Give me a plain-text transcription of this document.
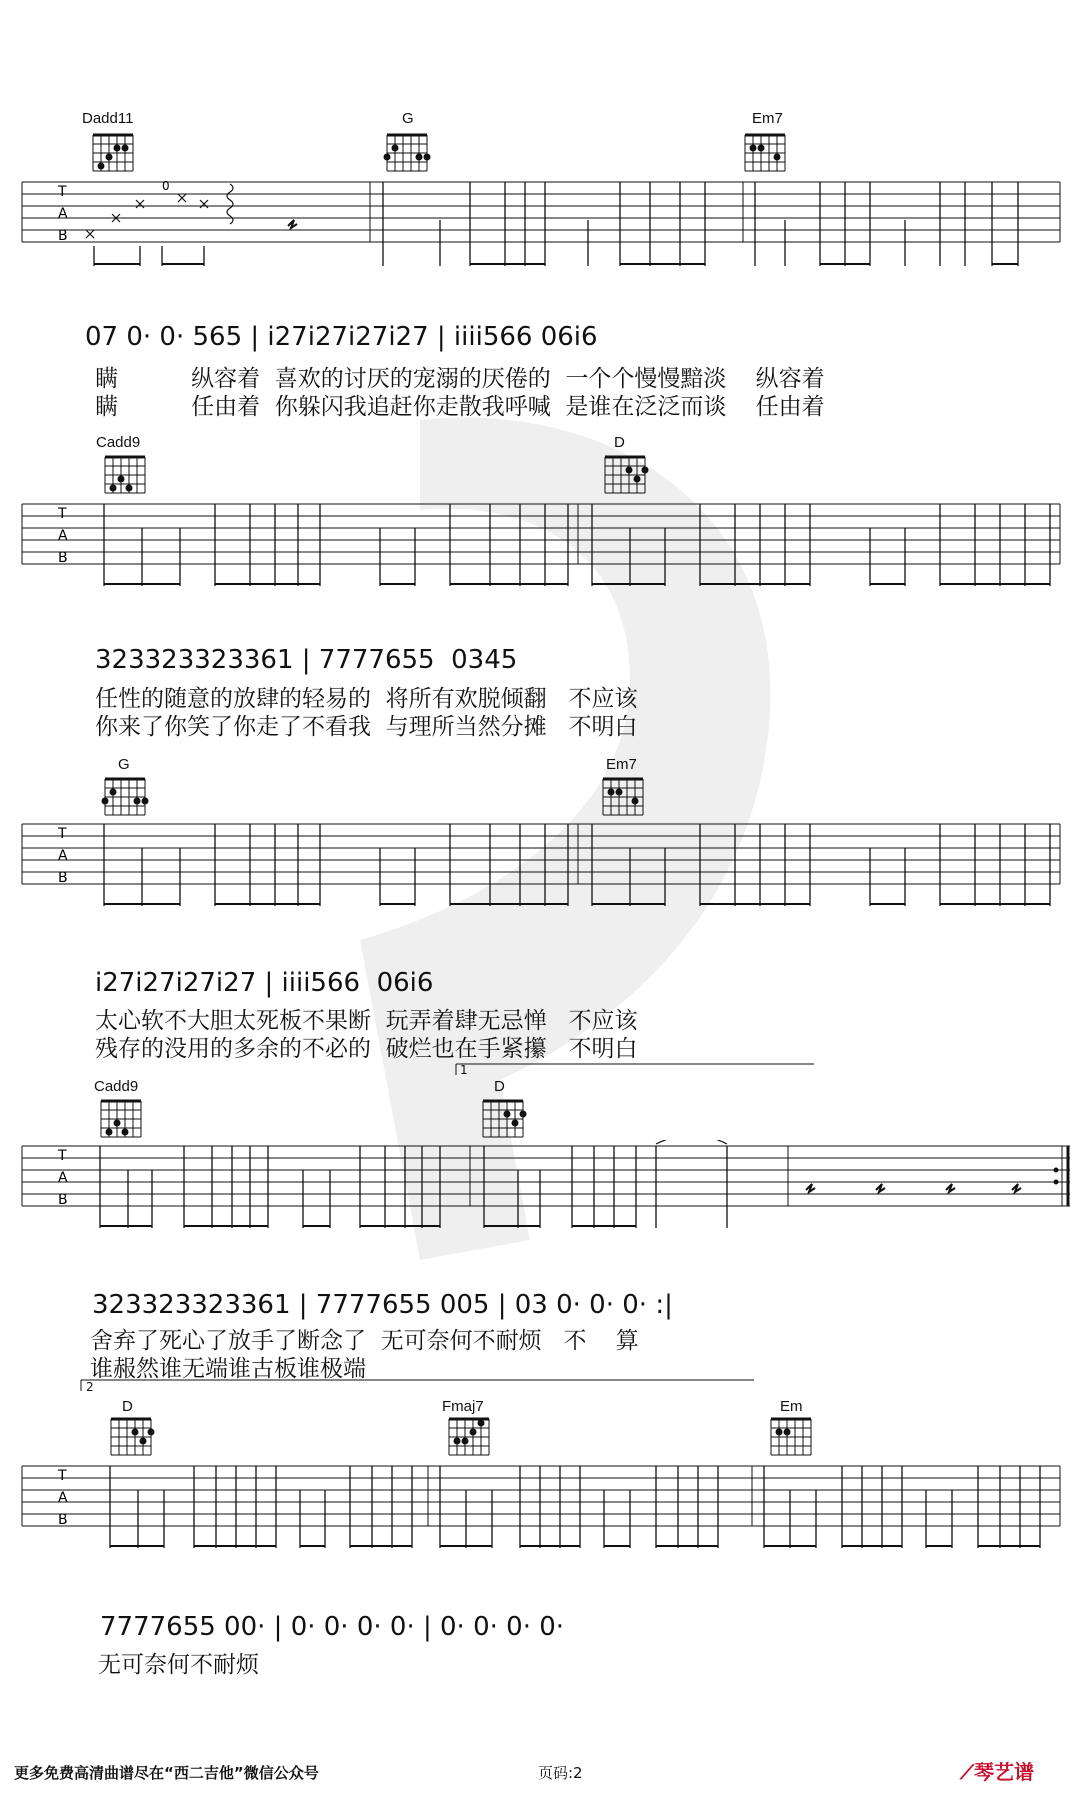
Dadd11	G	Em7
T
A
B
0
07 0· 0· 565 | i27i27i27i27 | iiii566 06i6
瞒          纵容着  喜欢的讨厌的宠溺的厌倦的  一个个慢慢黯淡    纵容着
瞒          任由着  你躲闪我追赶你走散我呼喊  是谁在泛泛而谈    任由着
Cadd9	D
T
A
B
323323323361 | 7777655  0345
任性的随意的放肆的轻易的  将所有欢脱倾翻   不应该
你来了你笑了你走了不看我  与理所当然分摊   不明白
G	Em7
T
A
B
i27i27i27i27 | iiii566  06i6
太心软不大胆太死板不果断  玩弄着肆无忌惮   不应该
残存的没用的多余的不必的  破烂也在手紧攥   不明白
1
Cadd9	D
T
A
B
323323323361 | 7777655 005 | 03 0· 0· 0· :|
舍弃了死心了放手了断念了  无可奈何不耐烦   不    算
谁赧然谁无端谁古板谁极端
2
D	Fmaj7	Em
T
A
B
7777655 00· | 0· 0· 0· 0· | 0· 0· 0· 0·
无可奈何不耐烦
更多免费高清曲谱尽在“西二吉他”微信公众号	页码:2	⟋琴艺谱
